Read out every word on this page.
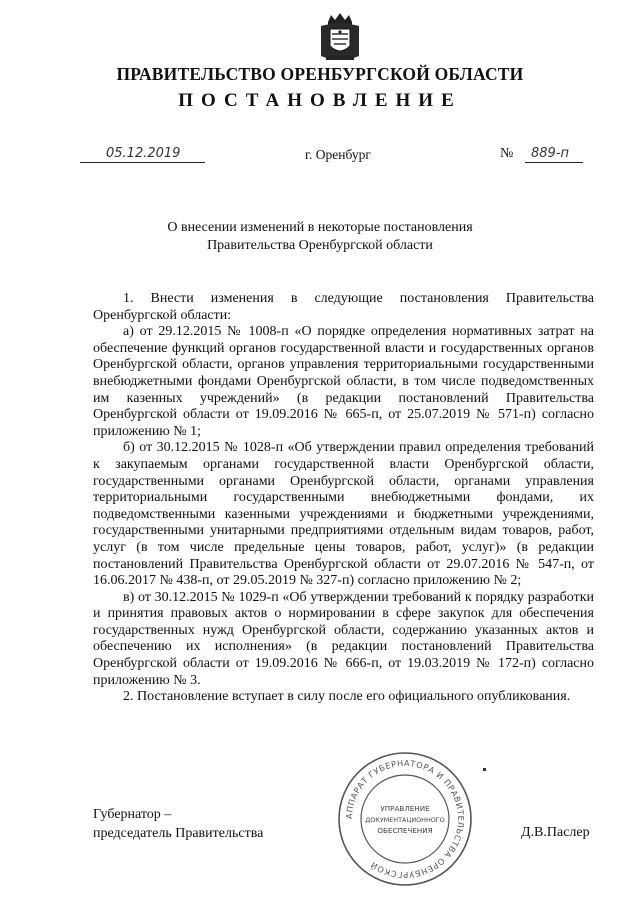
ПРАВИТЕЛЬСТВО ОРЕНБУРГСКОЙ ОБЛАСТИ
ПОСТАНОВЛЕНИЕ
05.12.2019	г. Оренбург	№	889-п
О внесении изменений в некоторые постановления
Правительства Оренбургской области

1. Внести изменения в следующие постановления Правительства Оренбургской области:

а) от 29.12.2015 № 1008-п «О порядке определения нормативных затрат на обеспечение функций органов государственной власти и государственных органов Оренбургской области, органов управления территориальными государственными внебюджетными фондами Оренбургской области, в том числе подведомственных им казенных учреждений» (в редакции постановлений Правительства Оренбургской области от 19.09.2016 № 665-п, от 25.07.2019 № 571-п) согласно приложению № 1;

б) от 30.12.2015 № 1028-п «Об утверждении правил определения требований к закупаемым органами государственной власти Оренбургской области, государственными органами Оренбургской области, органами управления территориальными государственными внебюджетными фондами, их подведомственными казенными учреждениями и бюджетными учреждениями, государственными унитарными предприятиями отдельным видам товаров, работ, услуг (в том числе предельные цены товаров, работ, услуг)» (в редакции постановлений Правительства Оренбургской области от 29.07.2016 № 547-п, от 16.06.2017 № 438-п, от 29.05.2019 № 327-п) согласно приложению № 2;

в) от 30.12.2015 № 1029-п «Об утверждении требований к порядку разработки и принятия правовых актов о нормировании в сфере закупок для обеспечения государственных нужд Оренбургской области, содержанию указанных актов и обеспечению их исполнения» (в редакции постановлений Правительства Оренбургской области от 19.09.2016 № 666-п, от 19.03.2019 № 172-п) согласно приложению № 3.

2. Постановление вступает в силу после его официального опубликования.

Губернатор –
председатель Правительства	Д.В.Паслер
АППАРАТ ГУБЕРНАТОРА И ПРАВИТЕЛЬСТВА ОРЕНБУРГСКОЙ
УПРАВЛЕНИЕ
ДОКУМЕНТАЦИОННОГО
ОБЕСПЕЧЕНИЯ
